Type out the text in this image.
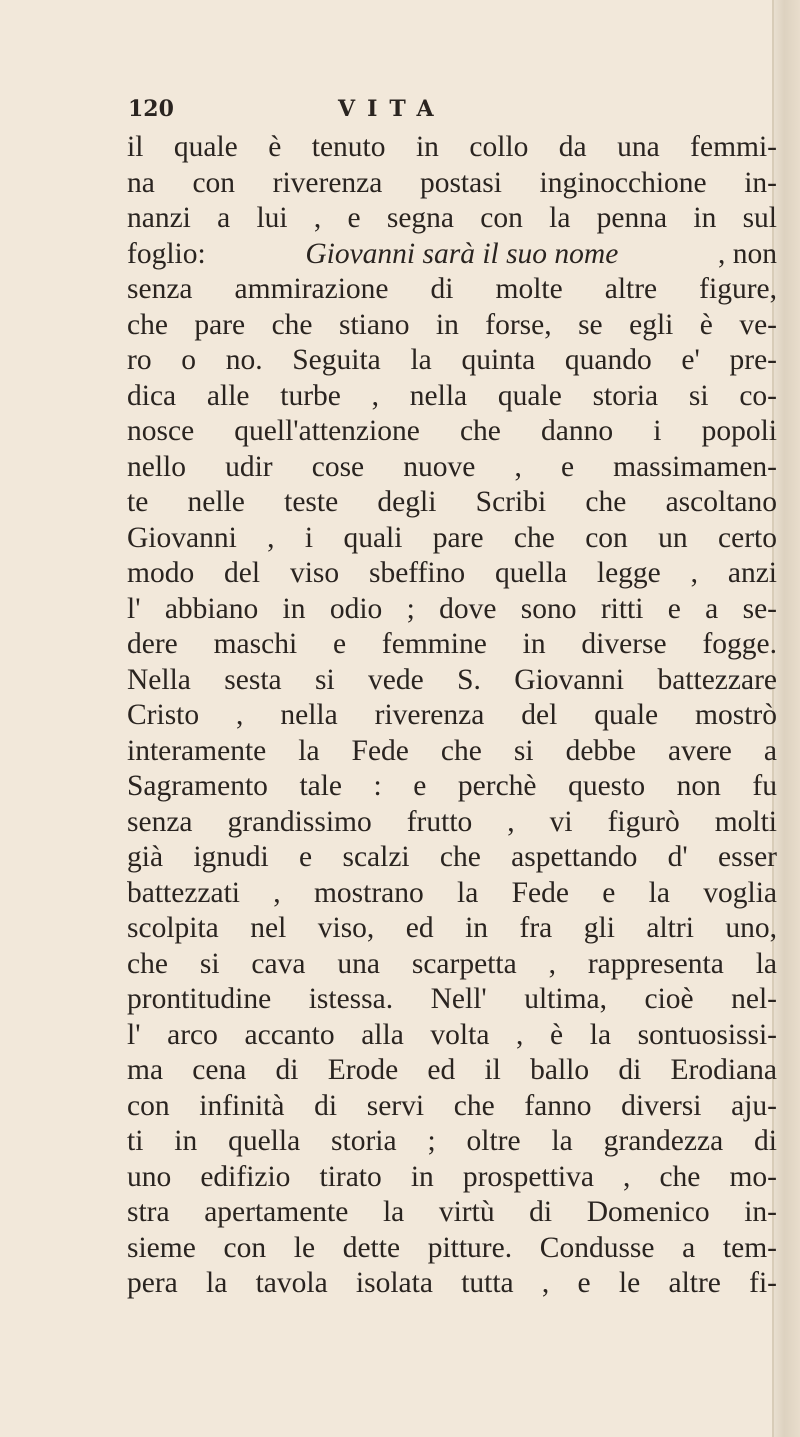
120	VITA
il quale è tenuto in collo da una femmi-
na con riverenza postasi inginocchione in-
nanzi a lui , e segna con la penna in sul
foglio:	Giovanni sarà il suo nome	, non
senza ammirazione di molte altre figure,
che pare che stiano in forse, se egli è ve-
ro o no. Seguita la quinta quando e' pre-
dica alle turbe , nella quale storia si co-
nosce quell'attenzione che danno i popoli
nello udir cose nuove , e massimamen-
te nelle teste degli Scribi che ascoltano
Giovanni , i quali pare che con un certo
modo del viso sbeffino quella legge , anzi
l' abbiano in odio ; dove sono ritti e a se-
dere maschi e femmine in diverse fogge.
Nella sesta si vede S. Giovanni battezzare
Cristo , nella riverenza del quale mostrò
interamente la Fede che si debbe avere a
Sagramento tale : e perchè questo non fu
senza grandissimo frutto , vi figurò molti
già ignudi e scalzi che aspettando d' esser
battezzati , mostrano la Fede e la voglia
scolpita nel viso, ed in fra gli altri uno,
che si cava una scarpetta , rappresenta la
prontitudine istessa. Nell' ultima, cioè nel-
l' arco accanto alla volta , è la sontuosissi-
ma cena di Erode ed il ballo di Erodiana
con infinità di servi che fanno diversi aju-
ti in quella storia ; oltre la grandezza di
uno edifizio tirato in prospettiva , che mo-
stra apertamente la virtù di Domenico in-
sieme con le dette pitture. Condusse a tem-
pera la tavola isolata tutta , e le altre fi-
